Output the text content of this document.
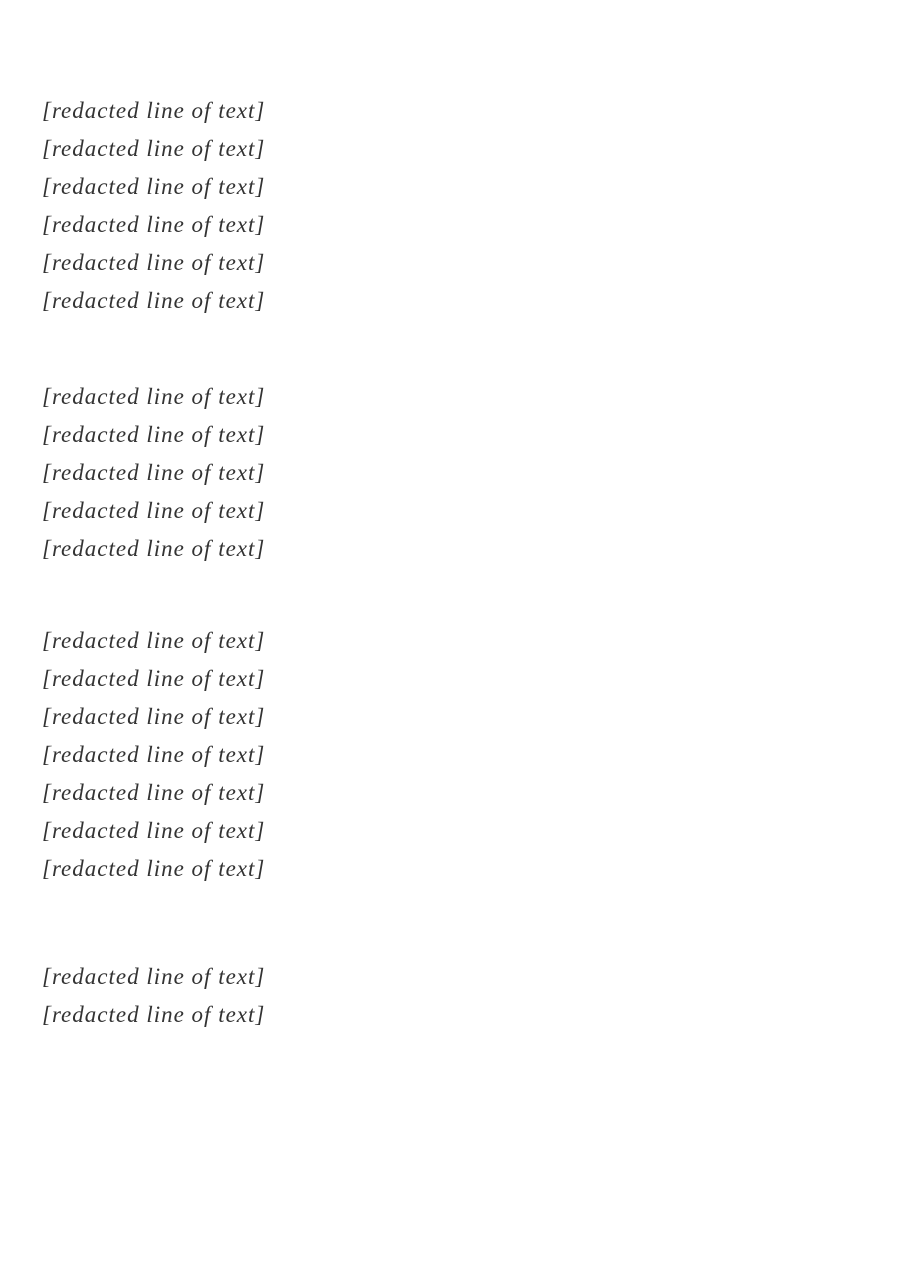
[redacted line of text]
[redacted line of text]
[redacted line of text]
[redacted line of text]
[redacted line of text]
[redacted line of text]
[redacted line of text]
[redacted line of text]
[redacted line of text]
[redacted line of text]
[redacted line of text]
[redacted line of text]
[redacted line of text]
[redacted line of text]
[redacted line of text]
[redacted line of text]
[redacted line of text]
[redacted line of text]
[redacted line of text]
[redacted line of text]
